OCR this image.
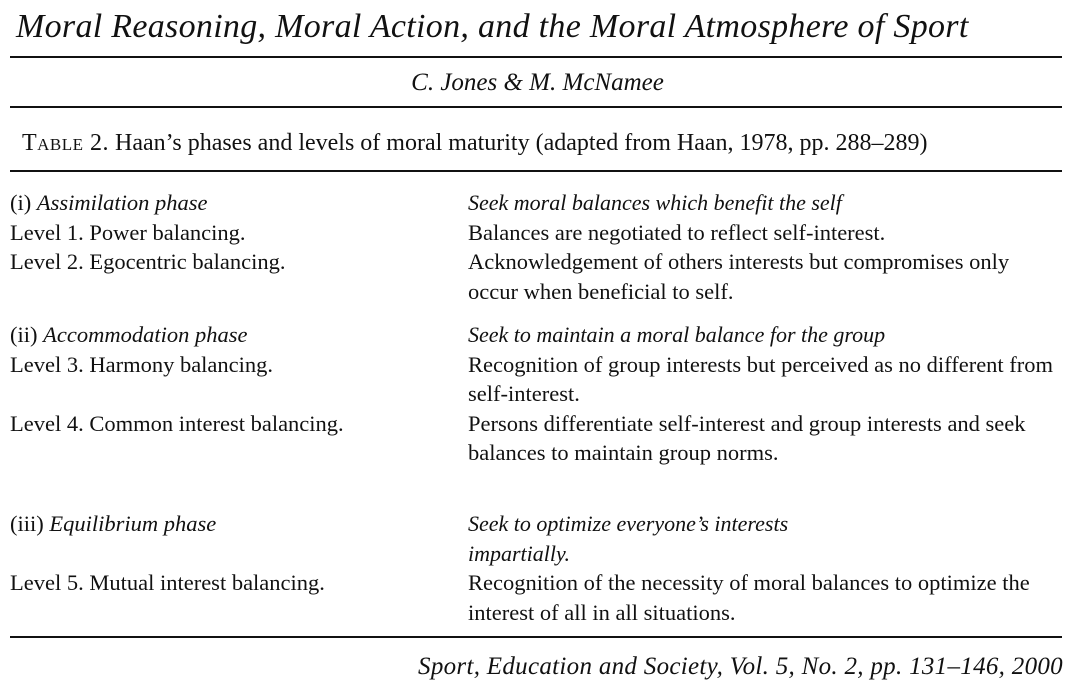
Moral Reasoning, Moral Action, and the Moral Atmosphere of Sport
C. Jones & M. McNamee
Table 2. Haan’s phases and levels of moral maturity (adapted from Haan, 1978, pp. 288–289)
(i) Assimilation phase	Seek moral balances which benefit the self
Level 1. Power balancing.	Balances are negotiated to reflect self-interest.
Level 2. Egocentric balancing.	Acknowledgement of others interests but compromises only occur when beneficial to self.
(ii) Accommodation phase	Seek to maintain a moral balance for the group
Level 3. Harmony balancing.	Recognition of group interests but perceived as no different from self-interest.
Level 4. Common interest balancing.	Persons differentiate self-interest and group interests and seek balances to maintain group norms.
(iii) Equilibrium phase	Seek to optimize everyone’s interests impartially.
Level 5. Mutual interest balancing.	Recognition of the necessity of moral balances to optimize the interest of all in all situations.
Sport, Education and Society, Vol. 5, No. 2, pp. 131–146, 2000
